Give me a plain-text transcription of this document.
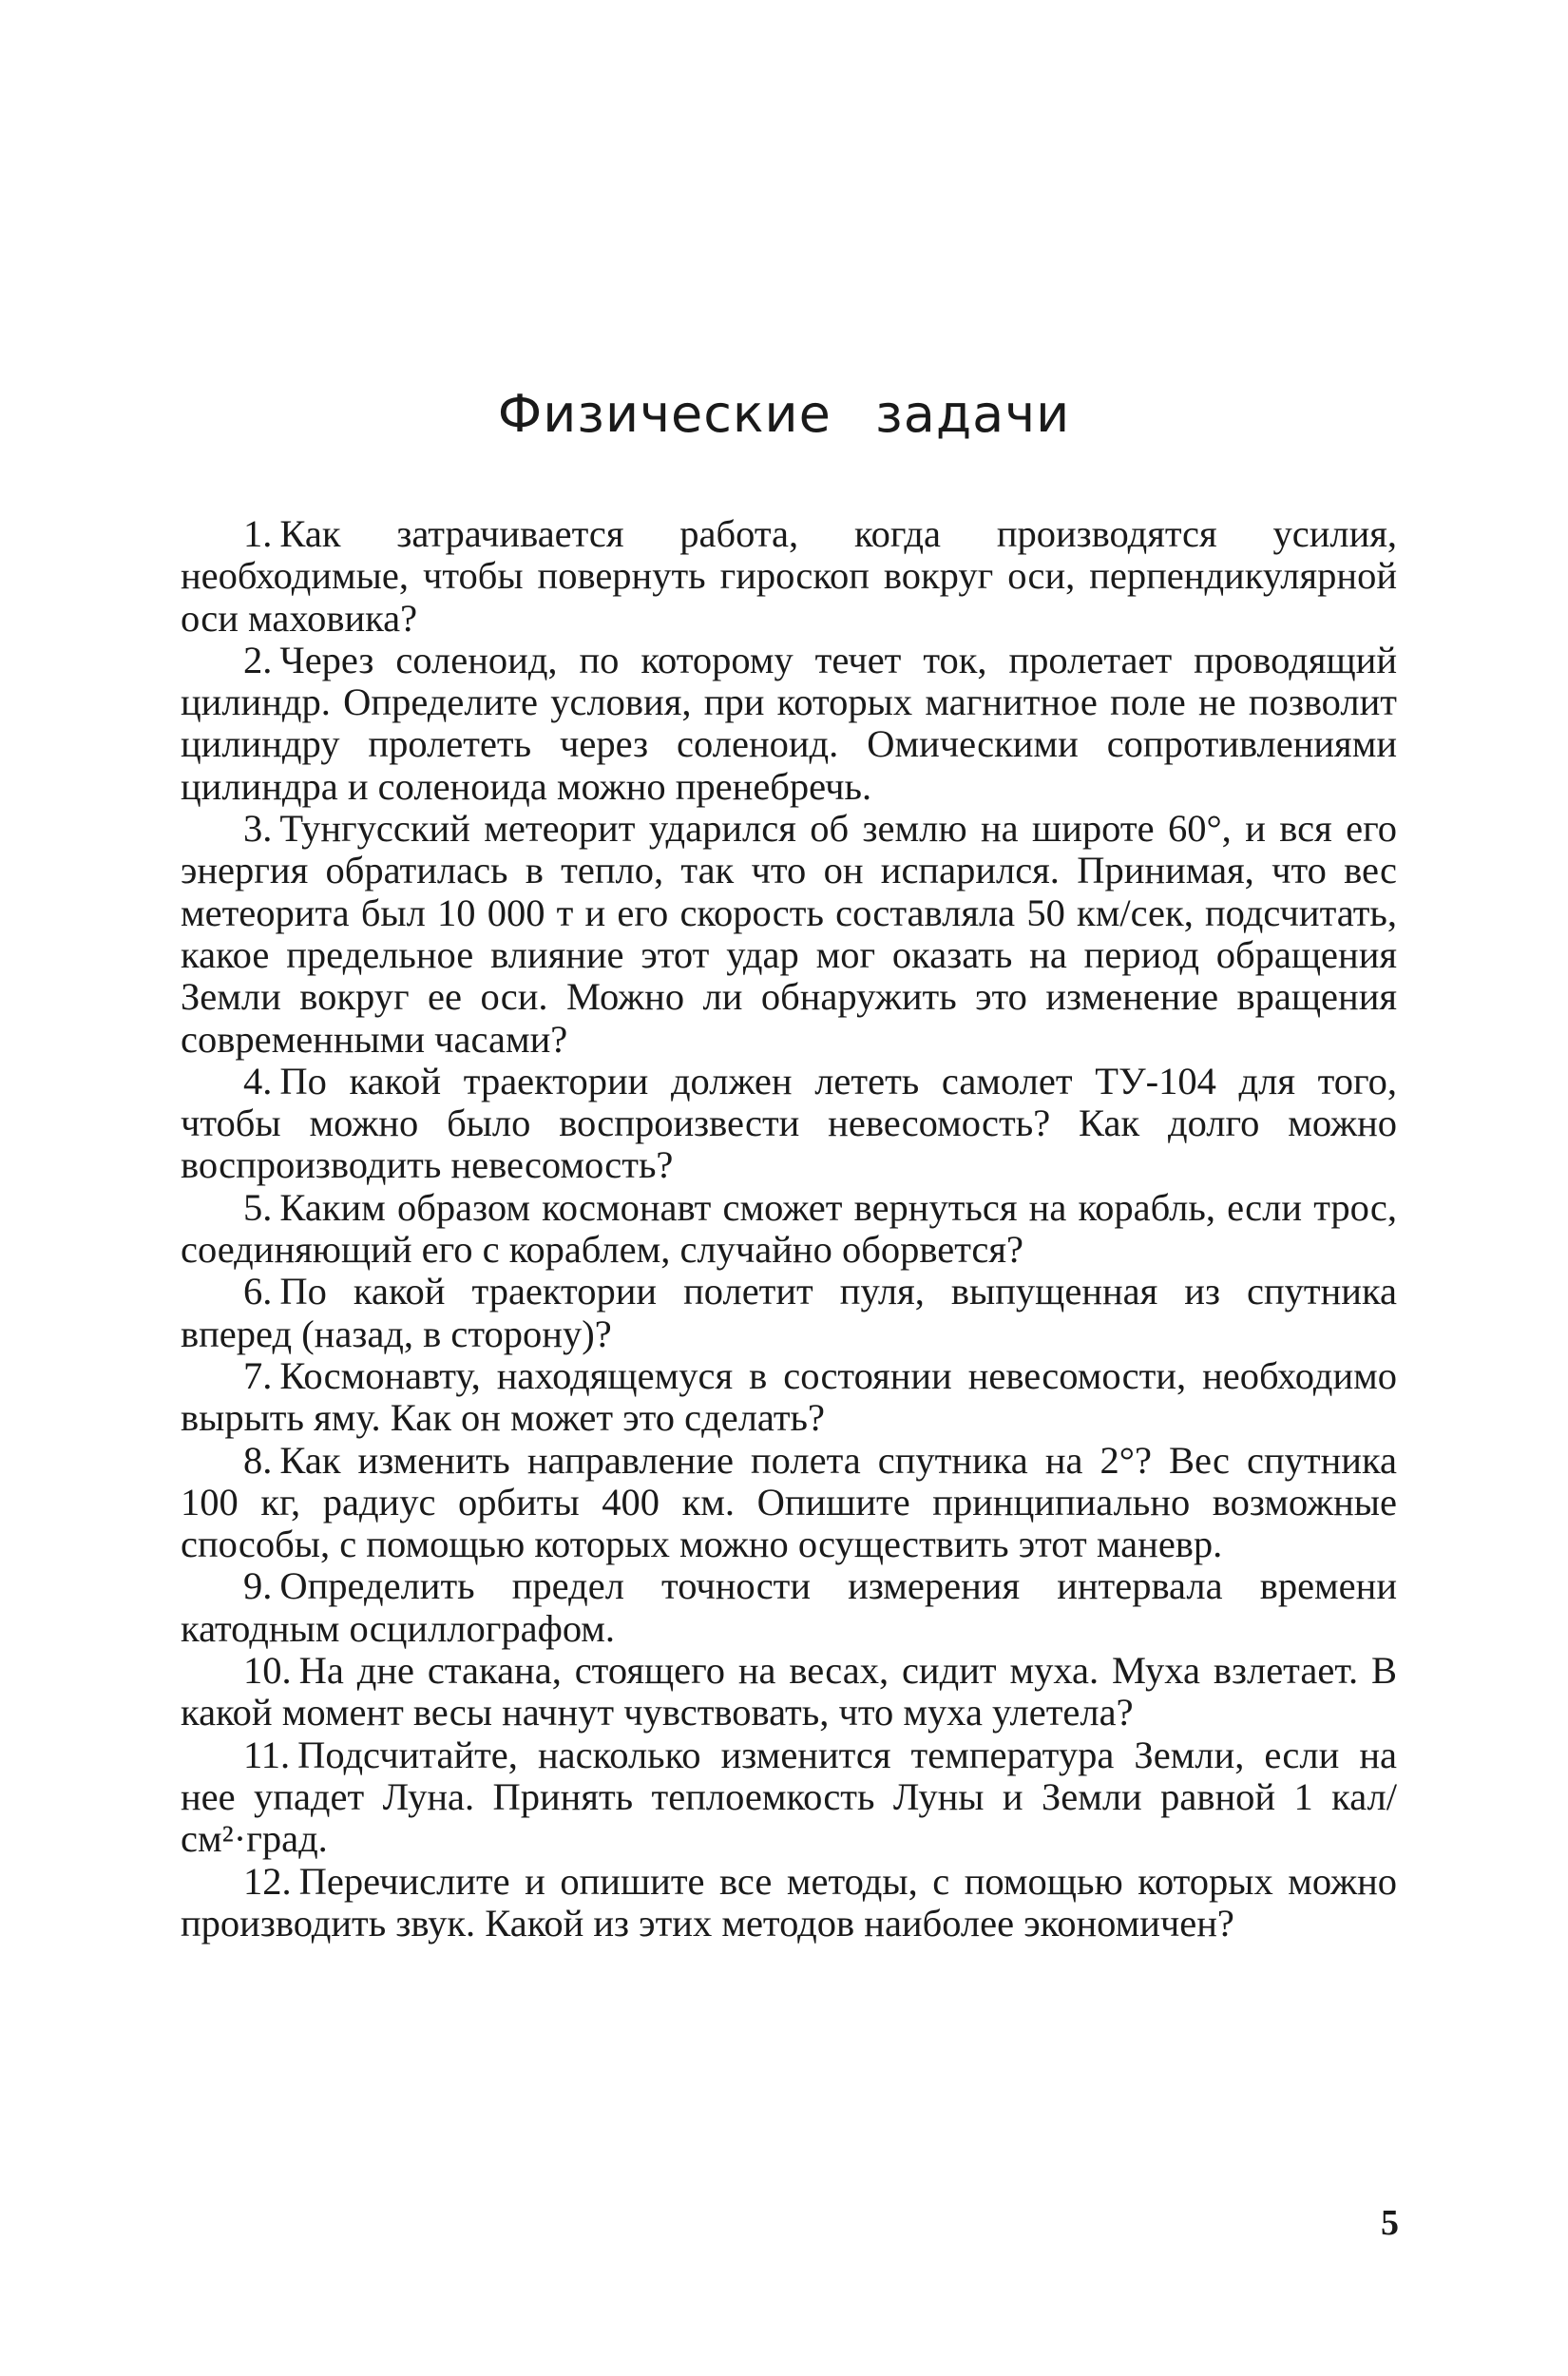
Физические задачи

1. Как затрачивается работа, когда производятся усилия, необходимые, чтобы повернуть гироскоп вокруг оси, перпендикулярной оси маховика?

2. Через соленоид, по которому течет ток, пролетает проводящий цилиндр. Определите условия, при которых магнитное поле не позволит цилиндру пролететь через соленоид. Омическими сопротивлениями цилиндра и соленоида можно пренебречь.

3. Тунгусский метеорит ударился об землю на широте 60°, и вся его энергия обратилась в тепло, так что он испарился. Принимая, что вес метеорита был 10 000 т и его скорость составляла 50 км/сек, подсчитать, какое предельное влияние этот удар мог оказать на период обращения Земли вокруг ее оси. Можно ли обнаружить это изменение вращения современными часами?

4. По какой траектории должен лететь самолет ТУ-104 для того, чтобы можно было воспроизвести невесомость? Как долго можно воспроизводить невесомость?

5. Каким образом космонавт сможет вернуться на корабль, если трос, соединяющий его с кораблем, случайно оборвется?

6. По какой траектории полетит пуля, выпущенная из спутника вперед (назад, в сторону)?

7. Космонавту, находящемуся в состоянии невесомости, необходимо вырыть яму. Как он может это сделать?

8. Как изменить направление полета спутника на 2°? Вес спутника 100 кг, радиус орбиты 400 км. Опишите принципиально возможные способы, с помощью которых можно осуществить этот маневр.

9. Определить предел точности измерения интервала времени катодным осциллографом.

10. На дне стакана, стоящего на весах, сидит муха. Муха взлетает. В какой момент весы начнут чувствовать, что муха улетела?

11. Подсчитайте, насколько изменится температура Земли, если на нее упадет Луна. Принять теплоемкость Луны и Земли равной 1 кал/см²·град.

12. Перечислите и опишите все методы, с помощью которых можно производить звук. Какой из этих методов наиболее экономичен?

5
